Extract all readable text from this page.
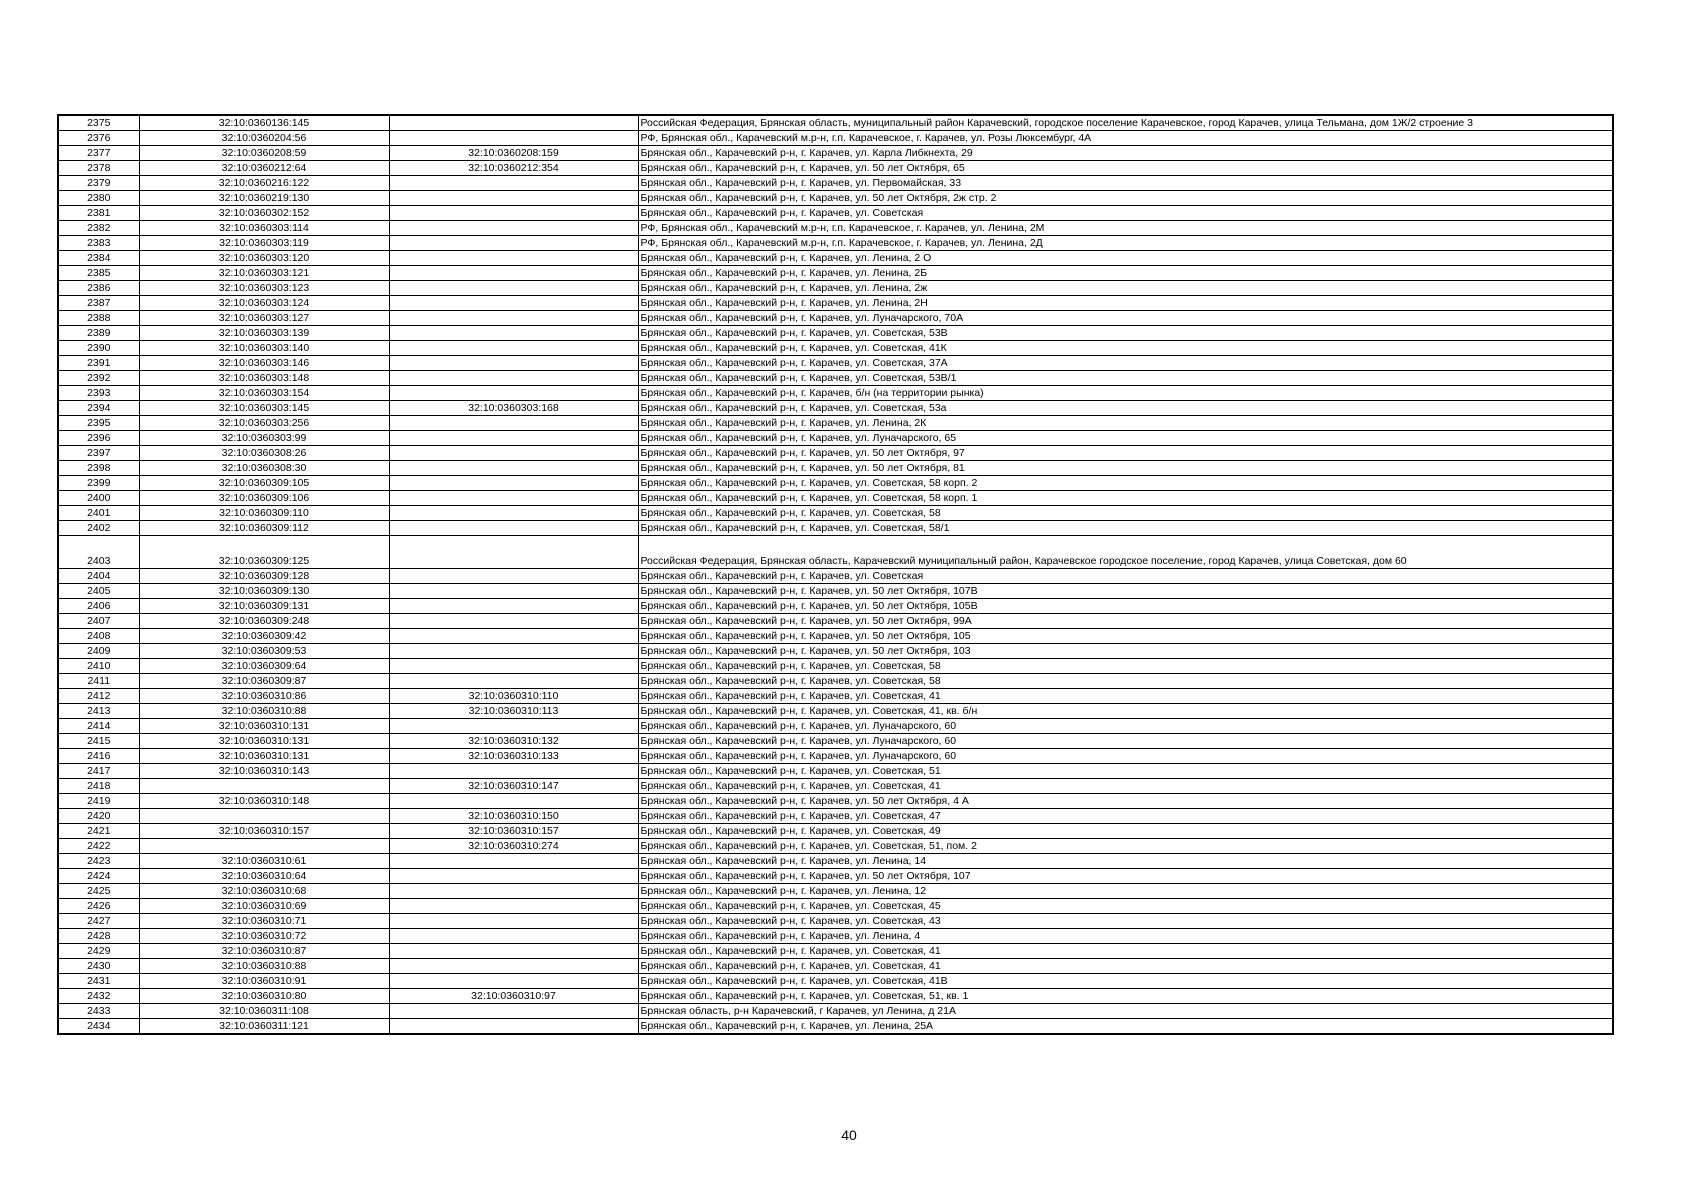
2375	32:10:0360136:145		Российская Федерация, Брянская область, муниципальный район Карачевский, городское поселение Карачевское, город Карачев, улица Тельмана, дом 1Ж/2 строение 3
2376	32:10:0360204:56		РФ, Брянская обл., Карачевский м.р-н, г.п. Карачевское, г. Карачев, ул. Розы Люксембург, 4А
2377	32:10:0360208:59	32:10:0360208:159	Брянская обл., Карачевский р-н, г. Карачев, ул. Карла Либкнехта, 29
2378	32:10:0360212:64	32:10:0360212:354	Брянская обл., Карачевский р-н, г. Карачев, ул. 50 лет Октября, 65
2379	32:10:0360216:122		Брянская обл., Карачевский р-н, г. Карачев, ул. Первомайская, 33
2380	32:10:0360219:130		Брянская обл., Карачевский р-н, г. Карачев, ул. 50 лет Октября, 2ж стр. 2
2381	32:10:0360302:152		Брянская обл., Карачевский р-н, г. Карачев, ул. Советская
2382	32:10:0360303:114		РФ, Брянская обл., Карачевский м.р-н, г.п. Карачевское, г. Карачев, ул. Ленина, 2М
2383	32:10:0360303:119		РФ, Брянская обл., Карачевский м.р-н, г.п. Карачевское, г. Карачев, ул. Ленина, 2Д
2384	32:10:0360303:120		Брянская обл., Карачевский р-н, г. Карачев, ул. Ленина, 2 О
2385	32:10:0360303:121		Брянская обл., Карачевский р-н, г. Карачев, ул. Ленина, 2Б
2386	32:10:0360303:123		Брянская обл., Карачевский р-н, г. Карачев, ул. Ленина, 2ж
2387	32:10:0360303:124		Брянская обл., Карачевский р-н, г. Карачев, ул. Ленина, 2Н
2388	32:10:0360303:127		Брянская обл., Карачевский р-н, г. Карачев, ул. Луначарского, 70А
2389	32:10:0360303:139		Брянская обл., Карачевский р-н, г. Карачев, ул. Советская, 53В
2390	32:10:0360303:140		Брянская обл., Карачевский р-н, г. Карачев, ул. Советская, 41К
2391	32:10:0360303:146		Брянская обл., Карачевский р-н, г. Карачев, ул. Советская, 37А
2392	32:10:0360303:148		Брянская обл., Карачевский р-н, г. Карачев, ул. Советская, 53В/1
2393	32:10:0360303:154		Брянская обл., Карачевский р-н, г. Карачев, б/н (на территории рынка)
2394	32:10:0360303:145	32:10:0360303:168	Брянская обл., Карачевский р-н, г. Карачев, ул. Советская, 53а
2395	32:10:0360303:256		Брянская обл., Карачевский р-н, г. Карачев, ул. Ленина, 2К
2396	32:10:0360303:99		Брянская обл., Карачевский р-н, г. Карачев, ул. Луначарского, 65
2397	32:10:0360308:26		Брянская обл., Карачевский р-н, г. Карачев, ул. 50 лет Октября, 97
2398	32:10:0360308:30		Брянская обл., Карачевский р-н, г. Карачев, ул. 50 лет Октября, 81
2399	32:10:0360309:105		Брянская обл., Карачевский р-н, г. Карачев, ул. Советская, 58 корп. 2
2400	32:10:0360309:106		Брянская обл., Карачевский р-н, г. Карачев, ул. Советская, 58 корп. 1
2401	32:10:0360309:110		Брянская обл., Карачевский р-н, г. Карачев, ул. Советская, 58
2402	32:10:0360309:112		Брянская обл., Карачевский р-н, г. Карачев, ул. Советская, 58/1
2403	32:10:0360309:125		Российская Федерация, Брянская область, Карачевский муниципальный район, Карачевское городское поселение, город Карачев, улица Советская, дом 60
2404	32:10:0360309:128		Брянская обл., Карачевский р-н, г. Карачев, ул. Советская
2405	32:10:0360309:130		Брянская обл., Карачевский р-н, г. Карачев, ул. 50 лет Октября, 107В
2406	32:10:0360309:131		Брянская обл., Карачевский р-н, г. Карачев, ул. 50 лет Октября, 105В
2407	32:10:0360309:248		Брянская обл., Карачевский р-н, г. Карачев, ул. 50 лет Октября, 99А
2408	32:10:0360309:42		Брянская обл., Карачевский р-н, г. Карачев, ул. 50 лет Октября, 105
2409	32:10:0360309:53		Брянская обл., Карачевский р-н, г. Карачев, ул. 50 лет Октября, 103
2410	32:10:0360309:64		Брянская обл., Карачевский р-н, г. Карачев, ул. Советская, 58
2411	32:10:0360309:87		Брянская обл., Карачевский р-н, г. Карачев, ул. Советская, 58
2412	32:10:0360310:86	32:10:0360310:110	Брянская обл., Карачевский р-н, г. Карачев, ул. Советская, 41
2413	32:10:0360310:88	32:10:0360310:113	Брянская обл., Карачевский р-н, г. Карачев, ул. Советская, 41, кв. б/н
2414	32:10:0360310:131		Брянская обл., Карачевский р-н, г. Карачев, ул. Луначарского, 60
2415	32:10:0360310:131	32:10:0360310:132	Брянская обл., Карачевский р-н, г. Карачев, ул. Луначарского, 60
2416	32:10:0360310:131	32:10:0360310:133	Брянская обл., Карачевский р-н, г. Карачев, ул. Луначарского, 60
2417	32:10:0360310:143		Брянская обл., Карачевский р-н, г. Карачев, ул. Советская, 51
2418		32:10:0360310:147	Брянская обл., Карачевский р-н, г. Карачев, ул. Советская, 41
2419	32:10:0360310:148		Брянская обл., Карачевский р-н, г. Карачев, ул. 50 лет Октября, 4 А
2420		32:10:0360310:150	Брянская обл., Карачевский р-н, г. Карачев, ул. Советская, 47
2421	32:10:0360310:157	32:10:0360310:157	Брянская обл., Карачевский р-н, г. Карачев, ул. Советская, 49
2422		32:10:0360310:274	Брянская обл., Карачевский р-н, г. Карачев, ул. Советская, 51, пом. 2
2423	32:10:0360310:61		Брянская обл., Карачевский р-н, г. Карачев, ул. Ленина, 14
2424	32:10:0360310:64		Брянская обл., Карачевский р-н, г. Карачев, ул. 50 лет Октября, 107
2425	32:10:0360310:68		Брянская обл., Карачевский р-н, г. Карачев, ул. Ленина, 12
2426	32:10:0360310:69		Брянская обл., Карачевский р-н, г. Карачев, ул. Советская, 45
2427	32:10:0360310:71		Брянская обл., Карачевский р-н, г. Карачев, ул. Советская, 43
2428	32:10:0360310:72		Брянская обл., Карачевский р-н, г. Карачев, ул. Ленина, 4
2429	32:10:0360310:87		Брянская обл., Карачевский р-н, г. Карачев, ул. Советская, 41
2430	32:10:0360310:88		Брянская обл., Карачевский р-н, г. Карачев, ул. Советская, 41
2431	32:10:0360310:91		Брянская обл., Карачевский р-н, г. Карачев, ул. Советская, 41В
2432	32:10:0360310:80	32:10:0360310:97	Брянская обл., Карачевский р-н, г. Карачев, ул. Советская, 51, кв. 1
2433	32:10:0360311:108		Брянская область, р-н Карачевский, г Карачев, ул Ленина, д 21А
2434	32:10:0360311:121		Брянская обл., Карачевский р-н, г. Карачев, ул. Ленина, 25А
40
